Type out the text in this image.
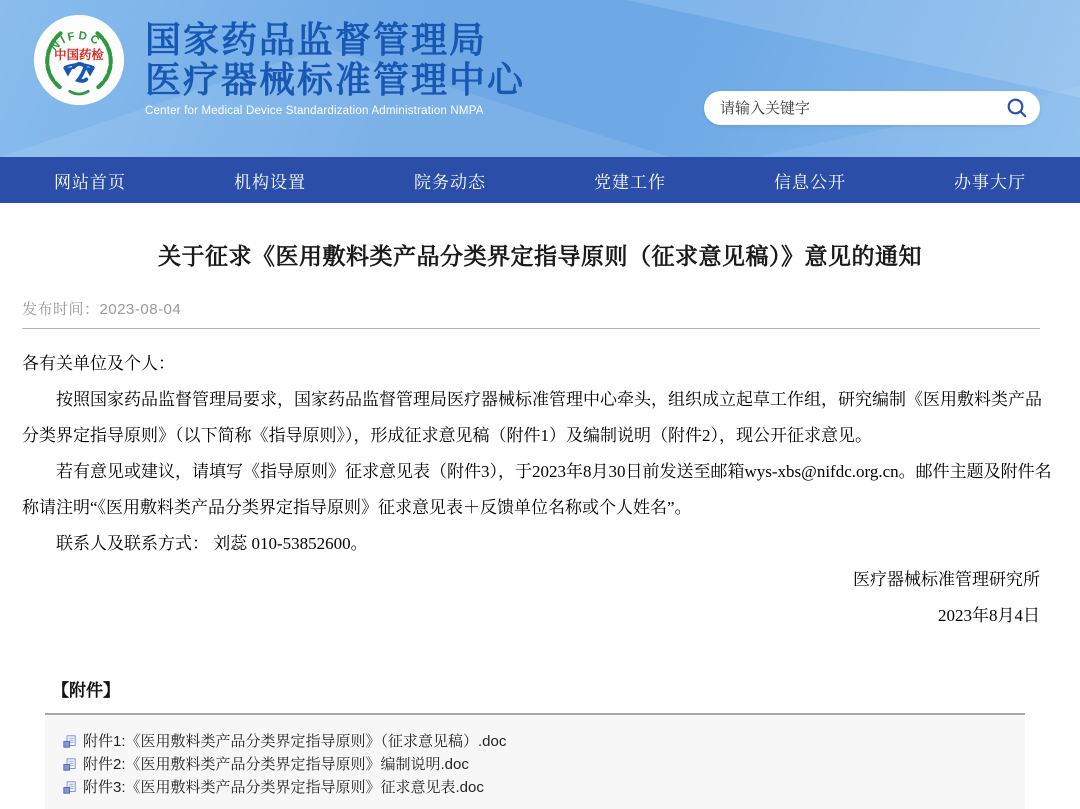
NIFDC
中国药检 国家药品监督管理局
医疗器械标准管理中心
Center for Medical Device Standardization Administration NMPA
请输入关键字
网站首页	机构设置	院务动态	党建工作	信息公开	办事大厅
关于征求《医用敷料类产品分类界定指导原则（征求意见稿）》意见的通知
发布时间：2023-08-04

各有关单位及个人：

按照国家药品监督管理局要求，国家药品监督管理局医疗器械标准管理中心牵头，组织成立起草工作组，研究编制《医用敷料类产品分类界定指导原则》（以下简称《指导原则》），形成征求意见稿（附件1）及编制说明（附件2），现公开征求意见。

若有意见或建议，请填写《指导原则》征求意见表（附件3），于2023年8月30日前发送至邮箱wys-xbs@nifdc.org.cn。邮件主题及附件名称请注明“《医用敷料类产品分类界定指导原则》征求意见表＋反馈单位名称或个人姓名”。

联系人及联系方式： 刘蕊 010-53852600。

医疗器械标准管理研究所

2023年8月4日

【附件】
附件1:《医用敷料类产品分类界定指导原则》（征求意见稿）.doc
附件2:《医用敷料类产品分类界定指导原则》编制说明.doc
附件3:《医用敷料类产品分类界定指导原则》征求意见表.doc
